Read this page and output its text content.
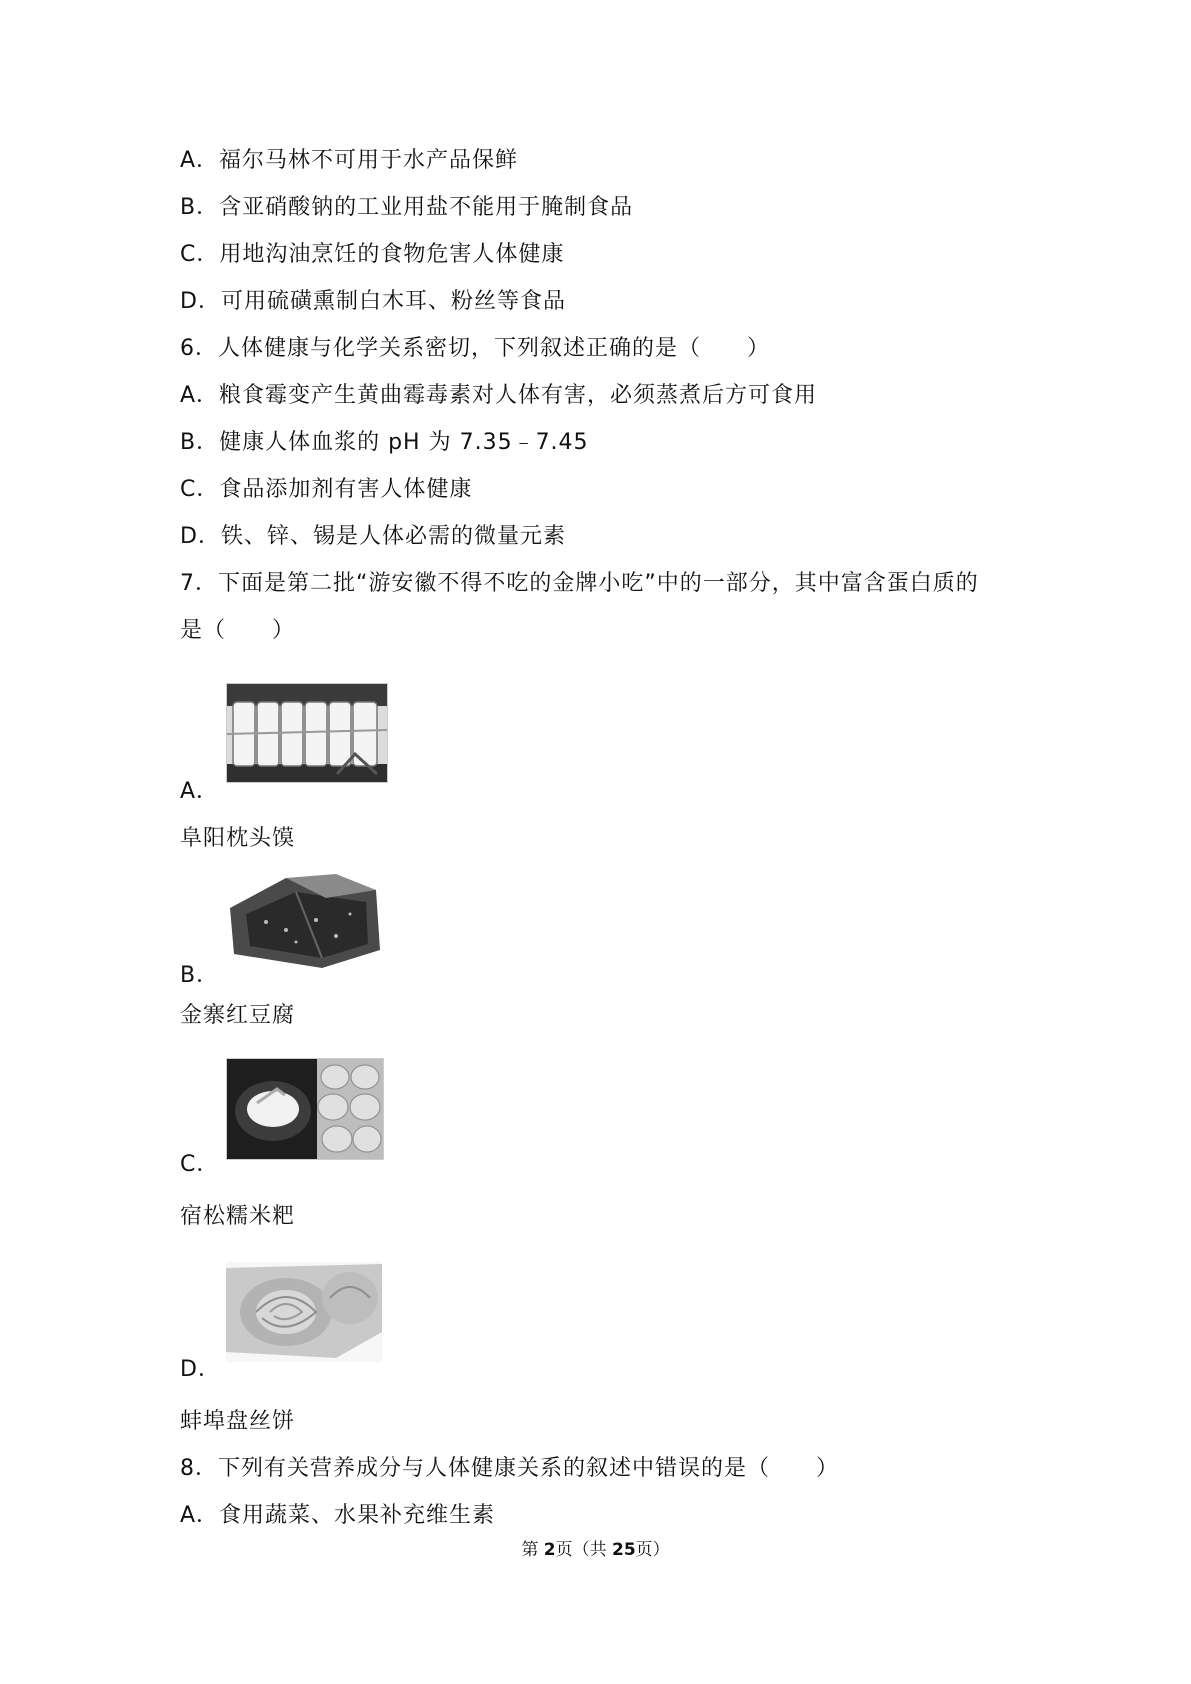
A．福尔马林不可用于水产品保鲜
B．含亚硝酸钠的工业用盐不能用于腌制食品
C．用地沟油烹饪的食物危害人体健康
D．可用硫磺熏制白木耳、粉丝等食品
6．人体健康与化学关系密切，下列叙述正确的是（　　）
A．粮食霉变产生黄曲霉毒素对人体有害，必须蒸煮后方可食用
B．健康人体血浆的 pH 为 7.35﹣7.45
C．食品添加剂有害人体健康
D．铁、锌、锡是人体必需的微量元素
7．下面是第二批“游安徽不得不吃的金牌小吃”中的一部分，其中富含蛋白质的
是（　　）
A．
阜阳枕头馍
B．
金寨红豆腐
C．
宿松糯米粑
D．
蚌埠盘丝饼
8．下列有关营养成分与人体健康关系的叙述中错误的是（　　）
A．食用蔬菜、水果补充维生素
第 2页（共 25页）
